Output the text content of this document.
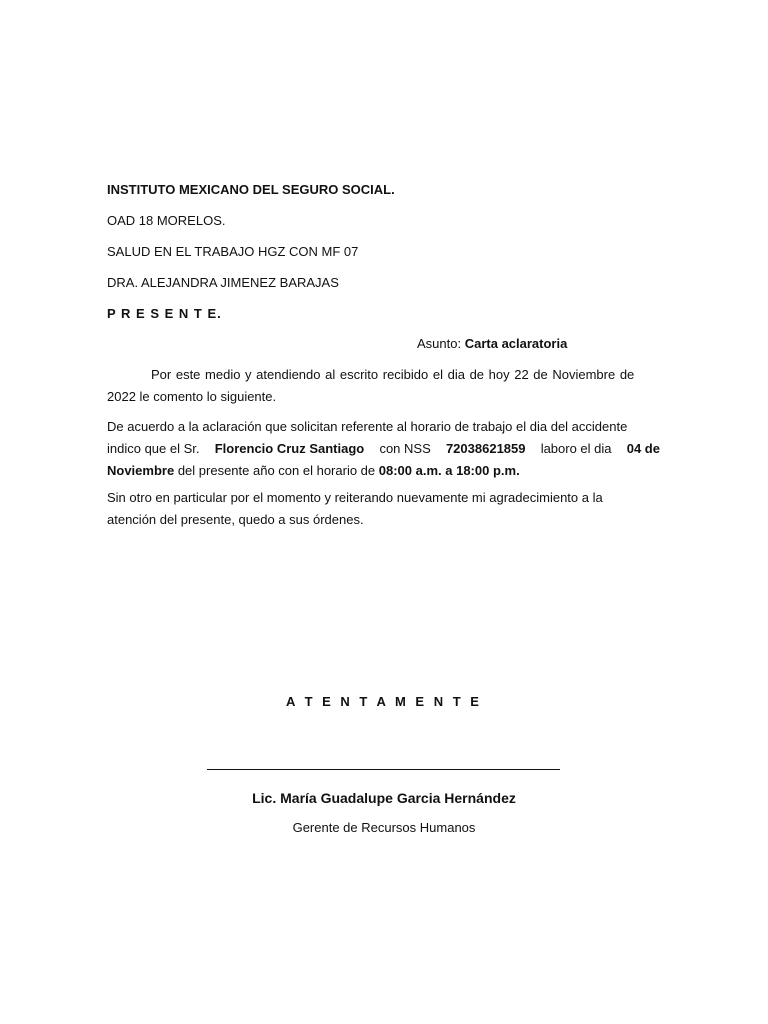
INSTITUTO MEXICANO DEL SEGURO SOCIAL.
OAD 18 MORELOS.
SALUD EN EL TRABAJO HGZ CON MF 07
DRA. ALEJANDRA JIMENEZ BARAJAS
P R E S E N T E.
Asunto: Carta aclaratoria
Por este medio y atendiendo al escrito recibido el dia de hoy 22 de Noviembre de
2022 le comento lo siguiente.
De acuerdo a la aclaración que solicitan referente al horario de trabajo el dia del accidente
indico que el Sr. Florencio Cruz Santiago con NSS 72038621859 laboro el dia 04 de
Noviembre del presente año con el horario de 08:00 a.m. a 18:00 p.m.
Sin otro en particular por el momento y reiterando nuevamente mi agradecimiento a la
atención del presente, quedo a sus órdenes.
A T E N T A M E N T E
Lic. María Guadalupe Garcia Hernández
Gerente de Recursos Humanos
